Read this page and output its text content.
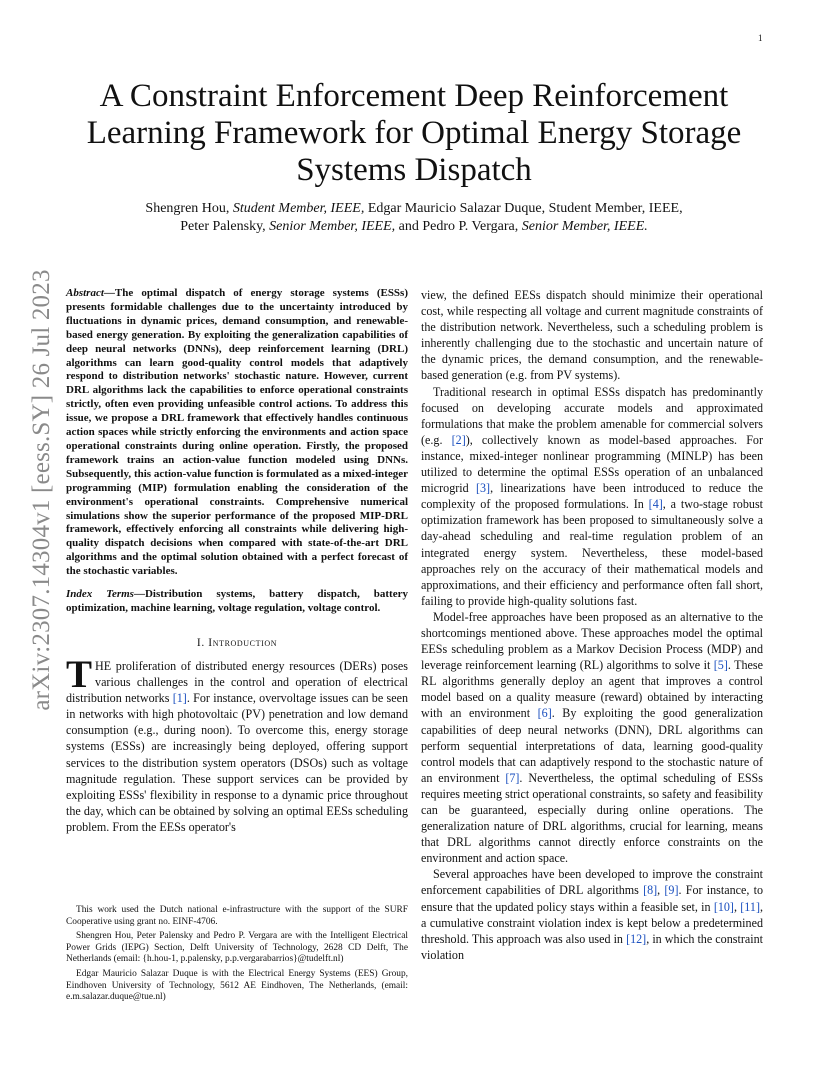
1
arXiv:2307.14304v1 [eess.SY] 26 Jul 2023
A Constraint Enforcement Deep Reinforcement Learning Framework for Optimal Energy Storage Systems Dispatch
Shengren Hou, Student Member, IEEE, Edgar Mauricio Salazar Duque, Student Member, IEEE,
Peter Palensky, Senior Member, IEEE, and Pedro P. Vergara, Senior Member, IEEE.

Abstract—The optimal dispatch of energy storage systems (ESSs) presents formidable challenges due to the uncertainty introduced by fluctuations in dynamic prices, demand consumption, and renewable-based energy generation. By exploiting the generalization capabilities of deep neural networks (DNNs), deep reinforcement learning (DRL) algorithms can learn good-quality control models that adaptively respond to distribution networks' stochastic nature. However, current DRL algorithms lack the capabilities to enforce operational constraints strictly, often even providing unfeasible control actions. To address this issue, we propose a DRL framework that effectively handles continuous action spaces while strictly enforcing the environments and action space operational constraints during online operation. Firstly, the proposed framework trains an action-value function modeled using DNNs. Subsequently, this action-value function is formulated as a mixed-integer programming (MIP) formulation enabling the consideration of the environment's operational constraints. Comprehensive numerical simulations show the superior performance of the proposed MIP-DRL framework, effectively enforcing all constraints while delivering high-quality dispatch decisions when compared with state-of-the-art DRL algorithms and the optimal solution obtained with a perfect forecast of the stochastic variables.

Index Terms—Distribution systems, battery dispatch, battery optimization, machine learning, voltage regulation, voltage control.

I. Introduction

THE proliferation of distributed energy resources (DERs) poses various challenges in the control and operation of electrical distribution networks [1]. For instance, overvoltage issues can be seen in networks with high photovoltaic (PV) penetration and low demand consumption (e.g., during noon). To overcome this, energy storage systems (ESSs) are increasingly being deployed, offering support services to the distribution system operators (DSOs) such as voltage magnitude regulation. These support services can be provided by exploiting ESSs' flexibility in response to a dynamic price throughout the day, which can be obtained by solving an optimal EESs scheduling problem. From the EESs operator's

view, the defined EESs dispatch should minimize their operational cost, while respecting all voltage and current magnitude constraints of the distribution network. Nevertheless, such a scheduling problem is inherently challenging due to the stochastic and uncertain nature of the dynamic prices, the demand consumption, and the renewable-based generation (e.g. from PV systems).

Traditional research in optimal ESSs dispatch has predominantly focused on developing accurate models and approximated formulations that make the problem amenable for commercial solvers (e.g. [2]), collectively known as model-based approaches. For instance, mixed-integer nonlinear programming (MINLP) has been utilized to determine the optimal ESSs operation of an unbalanced microgrid [3], linearizations have been introduced to reduce the complexity of the proposed formulations. In [4], a two-stage robust optimization framework has been proposed to simultaneously solve a day-ahead scheduling and real-time regulation problem of an integrated energy system. Nevertheless, these model-based approaches rely on the accuracy of their mathematical models and approximations, and their efficiency and performance often fall short, failing to provide high-quality solutions fast.

Model-free approaches have been proposed as an alternative to the shortcomings mentioned above. These approaches model the optimal EESs scheduling problem as a Markov Decision Process (MDP) and leverage reinforcement learning (RL) algorithms to solve it [5]. These RL algorithms generally deploy an agent that improves a control model based on a quality measure (reward) obtained by interacting with an environment [6]. By exploiting the good generalization capabilities of deep neural networks (DNN), DRL algorithms can perform sequential interpretations of data, learning good-quality control models that can adaptively respond to the stochastic nature of an environment [7]. Nevertheless, the optimal scheduling of ESSs requires meeting strict operational constraints, so safety and feasibility can be guaranteed, especially during online operations. The generalization nature of DRL algorithms, crucial for learning, means that DRL algorithms cannot directly enforce constraints on the environment and action space.

Several approaches have been developed to improve the constraint enforcement capabilities of DRL algorithms [8], [9]. For instance, to ensure that the updated policy stays within a feasible set, in [10], [11], a cumulative constraint violation index is kept below a predetermined threshold. This approach was also used in [12], in which the constraint violation

This work used the Dutch national e-infrastructure with the support of the SURF Cooperative using grant no. EINF-4706.

Shengren Hou, Peter Palensky and Pedro P. Vergara are with the Intelligent Electrical Power Grids (IEPG) Section, Delft University of Technology, 2628 CD Delft, The Netherlands (email: {h.hou-1, p.palensky, p.p.vergarabarrios}@tudelft.nl)

Edgar Mauricio Salazar Duque is with the Electrical Energy Systems (EES) Group, Eindhoven University of Technology, 5612 AE Eindhoven, The Netherlands, (email: e.m.salazar.duque@tue.nl)
